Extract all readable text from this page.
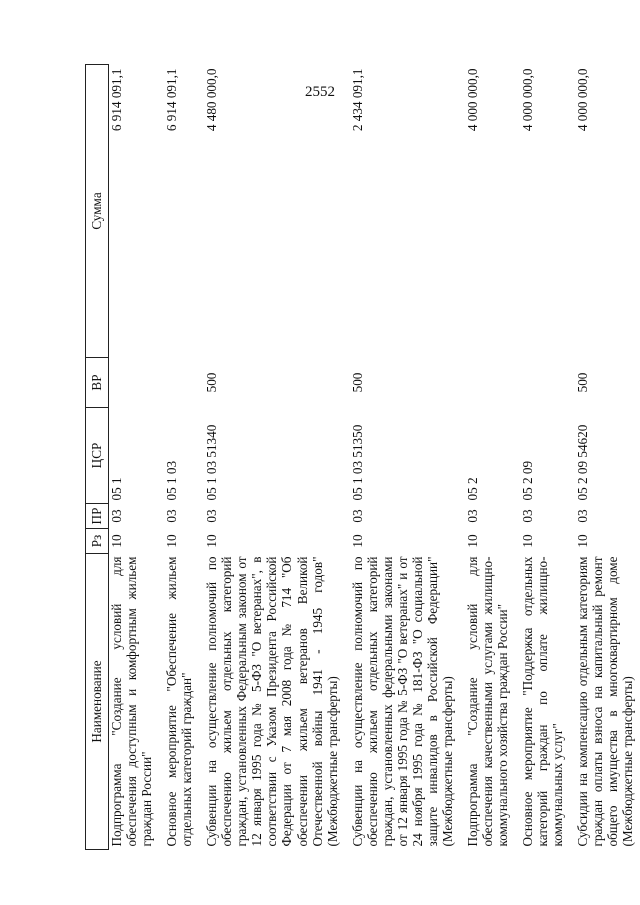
2552
Наименование	Рз	ПР	ЦСР	ВР	Сумма
Подпрограмма "Создание условий для обеспечения доступным и комфортным жильем граждан России"	10	03	05 1		6 914 091,1
Основное мероприятие "Обеспечение жильем отдельных категорий граждан"	10	03	05 1 03		6 914 091,1
Субвенции на осуществление полномочий по обеспечению жильем отдельных категорий граждан, установленных Федеральным законом от 12 января 1995 года № 5-ФЗ "О ветеранах", в соответствии с Указом Президента Российской Федерации от 7 мая 2008 года № 714 "Об обеспечении жильем ветеранов Великой Отечественной войны 1941 - 1945 годов" (Межбюджетные трансферты)	10	03	05 1 03 51340	500	4 480 000,0
Субвенции на осуществление полномочий по обеспечению жильем отдельных категорий граждан, установленных федеральными законами от 12 января 1995 года № 5-ФЗ "О ветеранах" и от 24 ноября 1995 года № 181-ФЗ "О социальной защите инвалидов в Российской Федерации" (Межбюджетные трансферты)	10	03	05 1 03 51350	500	2 434 091,1
Подпрограмма "Создание условий для обеспечения качественными услугами жилищно-коммунального хозяйства граждан России"	10	03	05 2		4 000 000,0
Основное мероприятие "Поддержка отдельных категорий граждан по оплате жилищно-коммунальных услуг"	10	03	05 2 09		4 000 000,0
Субсидии на компенсацию отдельным категориям граждан оплаты взноса на капитальный ремонт общего имущества в многоквартирном доме (Межбюджетные трансферты)	10	03	05 2 09 54620	500	4 000 000,0
